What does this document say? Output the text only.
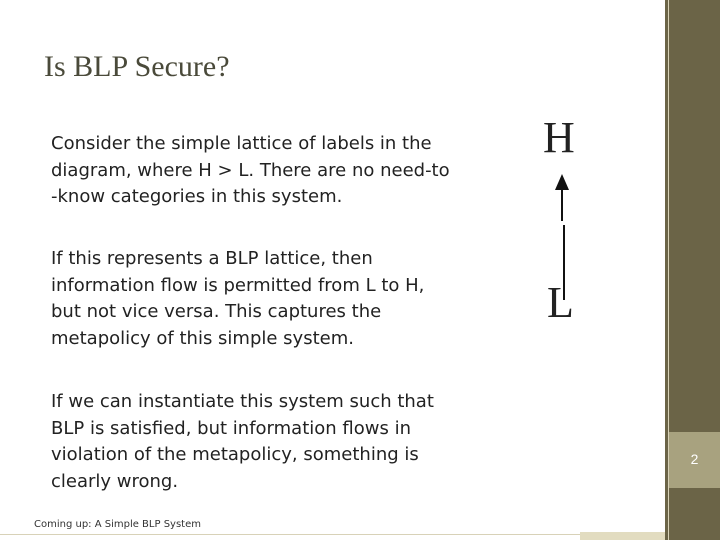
Is BLP Secure?
Consider the simple lattice of labels in the diagram, where H > L. There are no need-to -know categories in this system.
If this represents a BLP lattice, then information flow is permitted from L to H, but not vice versa. This captures the metapolicy of this simple system.
If we can instantiate this system such that BLP is satisfied, but information flows in violation of the metapolicy, something is clearly wrong.
H
L
Coming up: A Simple BLP System
2
